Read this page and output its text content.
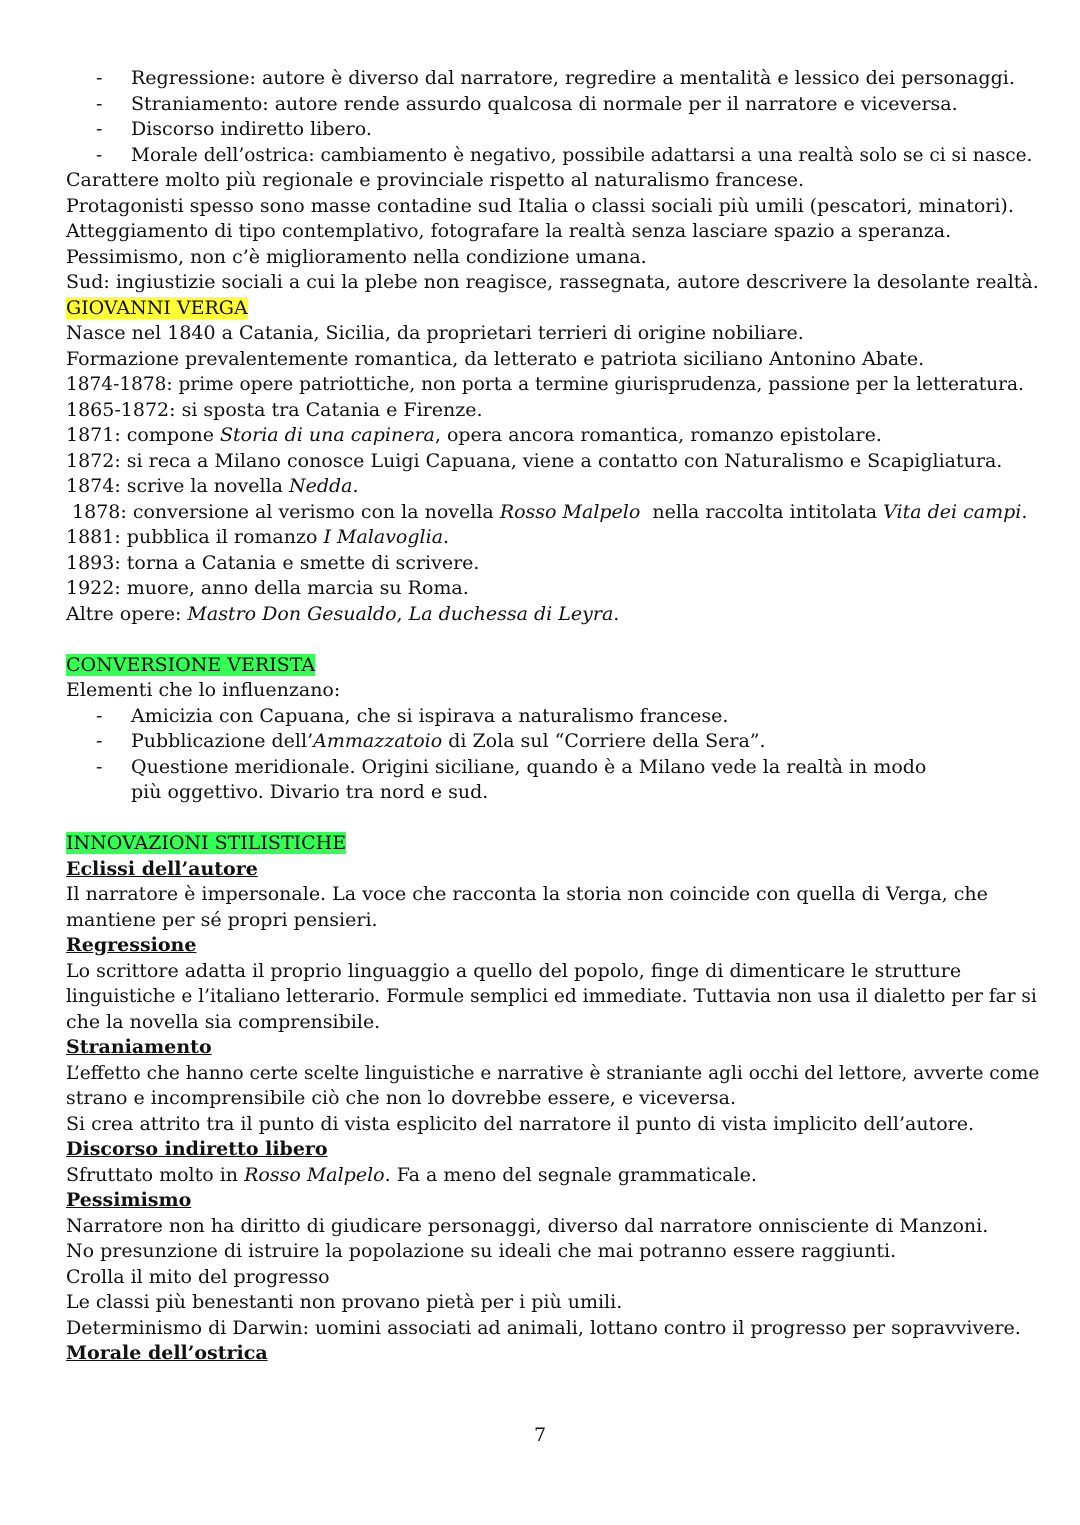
- Regressione: autore è diverso dal narratore, regredire a mentalità e lessico dei personaggi.
- Straniamento: autore rende assurdo qualcosa di normale per il narratore e viceversa.
- Discorso indiretto libero.
- Morale dell’ostrica: cambiamento è negativo, possibile adattarsi a una realtà solo se ci si nasce.
Carattere molto più regionale e provinciale rispetto al naturalismo francese.
Protagonisti spesso sono masse contadine sud Italia o classi sociali più umili (pescatori, minatori).
Atteggiamento di tipo contemplativo, fotografare la realtà senza lasciare spazio a speranza.
Pessimismo, non c’è miglioramento nella condizione umana.
Sud: ingiustizie sociali a cui la plebe non reagisce, rassegnata, autore descrivere la desolante realtà.
GIOVANNI VERGA
Nasce nel 1840 a Catania, Sicilia, da proprietari terrieri di origine nobiliare.
Formazione prevalentemente romantica, da letterato e patriota siciliano Antonino Abate.
1874-1878: prime opere patriottiche, non porta a termine giurisprudenza, passione per la letteratura.
1865-1872: si sposta tra Catania e Firenze.
1871: compone Storia di una capinera, opera ancora romantica, romanzo epistolare.
1872: si reca a Milano conosce Luigi Capuana, viene a contatto con Naturalismo e Scapigliatura.
1874: scrive la novella Nedda.
1878: conversione al verismo con la novella Rosso Malpelo  nella raccolta intitolata Vita dei campi.
1881: pubblica il romanzo I Malavoglia.
1893: torna a Catania e smette di scrivere.
1922: muore, anno della marcia su Roma.
Altre opere: Mastro Don Gesualdo, La duchessa di Leyra.
CONVERSIONE VERISTA
Elementi che lo influenzano:
- Amicizia con Capuana, che si ispirava a naturalismo francese.
- Pubblicazione dell’Ammazzatoio di Zola sul “Corriere della Sera”.
- Questione meridionale. Origini siciliane, quando è a Milano vede la realtà in modo più oggettivo. Divario tra nord e sud.
INNOVAZIONI STILISTICHE
Eclissi dell’autore
Il narratore è impersonale. La voce che racconta la storia non coincide con quella di Verga, che
mantiene per sé propri pensieri.
Regressione
Lo scrittore adatta il proprio linguaggio a quello del popolo, finge di dimenticare le strutture
linguistiche e l’italiano letterario. Formule semplici ed immediate. Tuttavia non usa il dialetto per far si
che la novella sia comprensibile.
Straniamento
L’effetto che hanno certe scelte linguistiche e narrative è straniante agli occhi del lettore, avverte come
strano e incomprensibile ciò che non lo dovrebbe essere, e viceversa.
Si crea attrito tra il punto di vista esplicito del narratore il punto di vista implicito dell’autore.
Discorso indiretto libero
Sfruttato molto in Rosso Malpelo. Fa a meno del segnale grammaticale.
Pessimismo
Narratore non ha diritto di giudicare personaggi, diverso dal narratore onnisciente di Manzoni.
No presunzione di istruire la popolazione su ideali che mai potranno essere raggiunti.
Crolla il mito del progresso
Le classi più benestanti non provano pietà per i più umili.
Determinismo di Darwin: uomini associati ad animali, lottano contro il progresso per sopravvivere.
Morale dell’ostrica
7
